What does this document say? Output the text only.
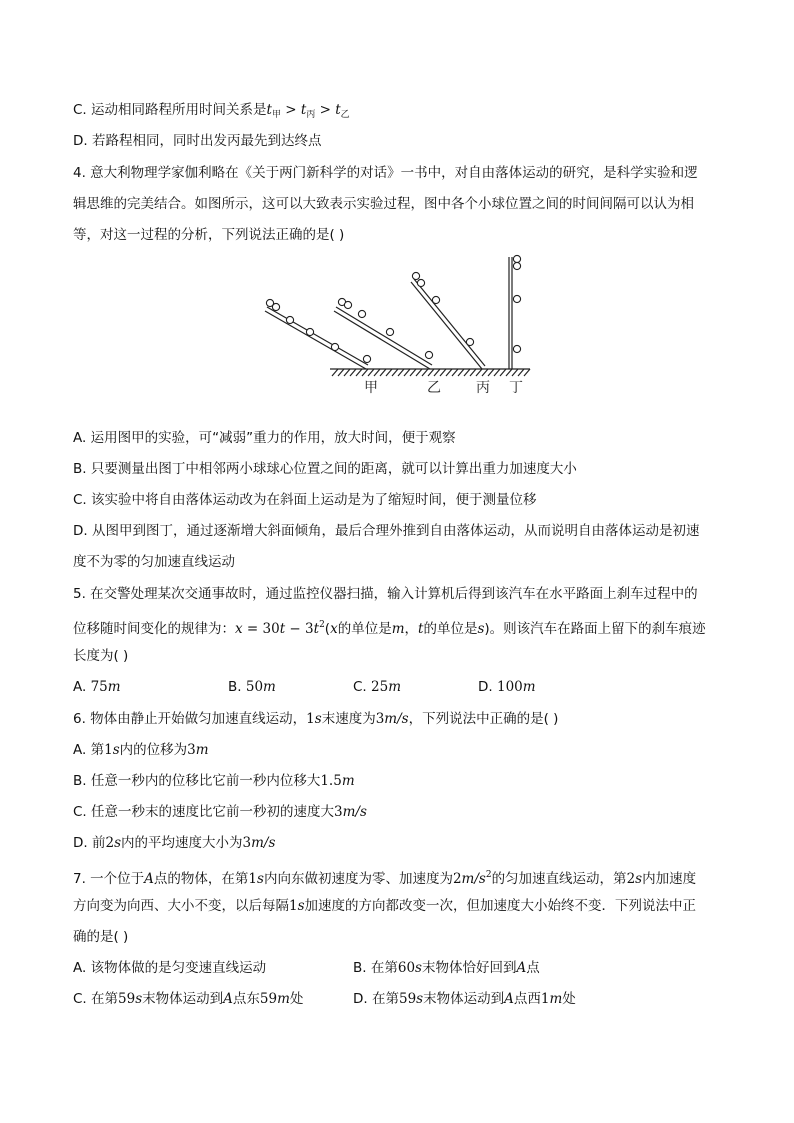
C. 运动相同路程所用时间关系是$t_甲 > t_丙 > t_乙$
D. 若路程相同，同时出发丙最先到达终点
4. 意大利物理学家伽利略在《关于两门新科学的对话》一书中，对自由落体运动的研究，是科学实验和逻
辑思维的完美结合。如图所示，这可以大致表示实验过程，图中各个小球位置之间的时间间隔可以认为相
等，对这一过程的分析，下列说法正确的是( )
甲	乙	丙 丁
A. 运用图甲的实验，可“减弱”重力的作用，放大时间，便于观察
B. 只要测量出图丁中相邻两小球球心位置之间的距离，就可以计算出重力加速度大小
C. 该实验中将自由落体运动改为在斜面上运动是为了缩短时间，便于测量位移
D. 从图甲到图丁，通过逐渐增大斜面倾角，最后合理外推到自由落体运动，从而说明自由落体运动是初速
度不为零的匀加速直线运动
5. 在交警处理某次交通事故时，通过监控仪器扫描，输入计算机后得到该汽车在水平路面上刹车过程中的
位移随时间变化的规律为：$x = 30t - 3t^2(x$的单位是m，t的单位是s)。则该汽车在路面上留下的刹车痕迹
长度为( )
A. 75m	B. 50m	C. 25m	D. 100m
6. 物体由静止开始做匀加速直线运动，1s末速度为3m/s，下列说法中正确的是( )
A. 第1s内的位移为3m
B. 任意一秒内的位移比它前一秒内位移大1.5m
C. 任意一秒末的速度比它前一秒初的速度大3m/s
D. 前2s内的平均速度大小为3m/s
7. 一个位于A点的物体，在第1s内向东做初速度为零、加速度为$2m/s^2$的匀加速直线运动，第2s内加速度
方向变为向西、大小不变，以后每隔1s加速度的方向都改变一次，但加速度大小始终不变．下列说法中正
确的是( )
A. 该物体做的是匀变速直线运动	B. 在第60s末物体恰好回到A点
C. 在第59s末物体运动到A点东59m处	D. 在第59s末物体运动到A点西1m处
